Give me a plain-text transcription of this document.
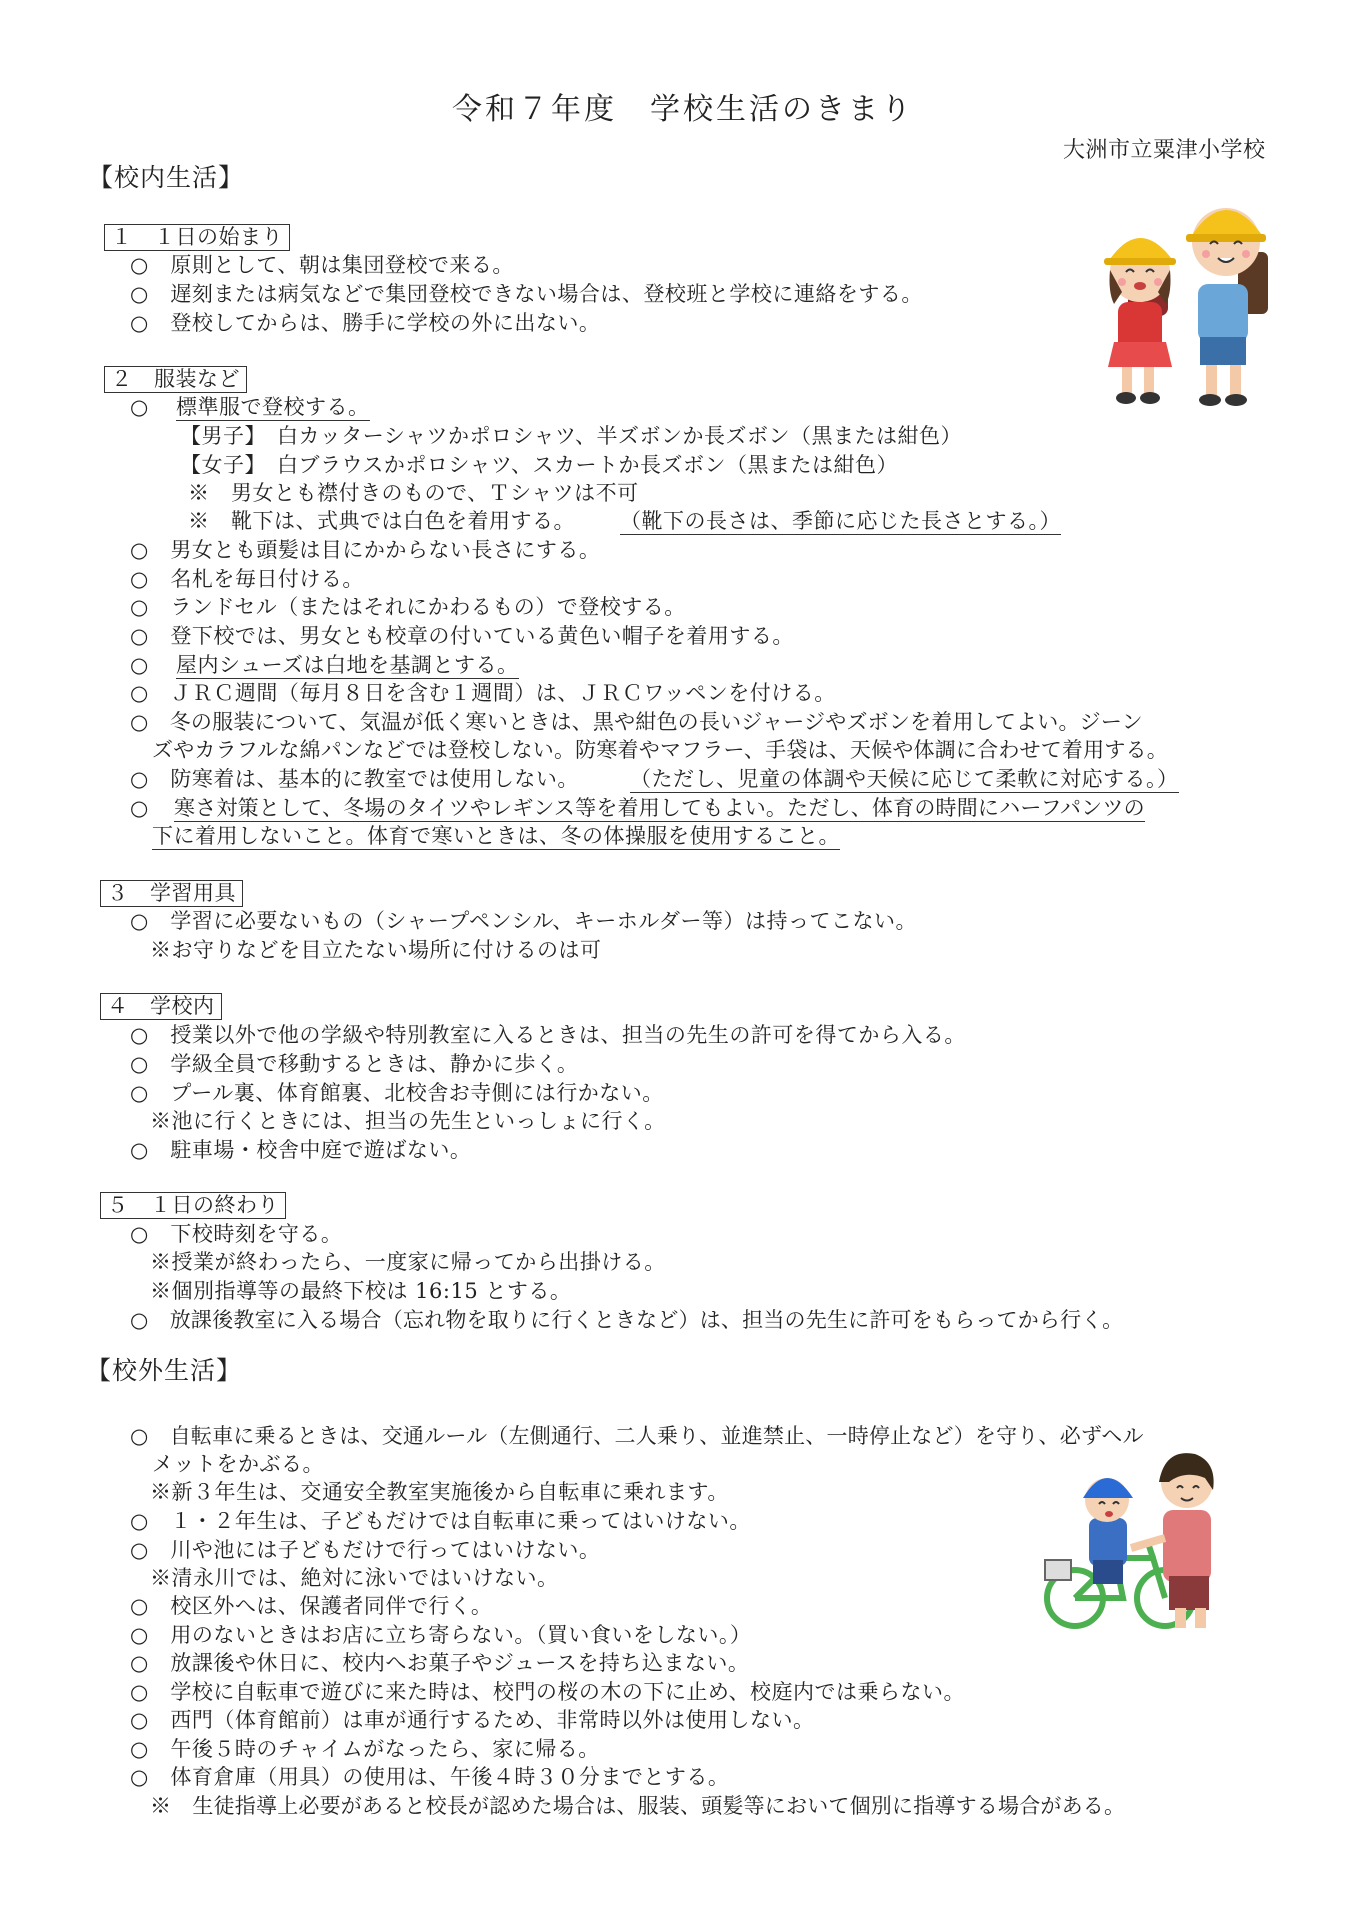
令和７年度　学校生活のきまり
大洲市立粟津小学校
【校内生活】
１　１日の始まり
○　原則として、朝は集団登校で来る。
○　遅刻または病気などで集団登校できない場合は、登校班と学校に連絡をする。
○　登校してからは、勝手に学校の外に出ない。
２　服装など
○ 標準服で登校する。
【男子】　白カッターシャツかポロシャツ、半ズボンか長ズボン（黒または紺色）
【女子】　白ブラウスかポロシャツ、スカートか長ズボン（黒または紺色）
※　男女とも襟付きのもので、Ｔシャツは不可
※　靴下は、式典では白色を着用する。 （靴下の長さは、季節に応じた長さとする。）
○　男女とも頭髪は目にかからない長さにする。
○　名札を毎日付ける。
○　ランドセル（またはそれにかわるもの）で登校する。
○　登下校では、男女とも校章の付いている黄色い帽子を着用する。
○ 屋内シューズは白地を基調とする。
○　ＪＲＣ週間（毎月８日を含む１週間）は、ＪＲＣワッペンを付ける。
○　冬の服装について、気温が低く寒いときは、黒や紺色の長いジャージやズボンを着用してよい。ジーン
ズやカラフルな綿パンなどでは登校しない。防寒着やマフラー、手袋は、天候や体調に合わせて着用する。
○　防寒着は、基本的に教室では使用しない。 （ただし、児童の体調や天候に応じて柔軟に対応する。）
○ 寒さ対策として、冬場のタイツやレギンス等を着用してもよい。ただし、体育の時間にハーフパンツの
下に着用しないこと。体育で寒いときは、冬の体操服を使用すること。
３　学習用具
○　学習に必要ないもの（シャープペンシル、キーホルダー等）は持ってこない。
※お守りなどを目立たない場所に付けるのは可
４　学校内
○　授業以外で他の学級や特別教室に入るときは、担当の先生の許可を得てから入る。
○　学級全員で移動するときは、静かに歩く。
○　プール裏、体育館裏、北校舎お寺側には行かない。
※池に行くときには、担当の先生といっしょに行く。
○　駐車場・校舎中庭で遊ばない。
５　１日の終わり
○　下校時刻を守る。
※授業が終わったら、一度家に帰ってから出掛ける。
※個別指導等の最終下校は 16:15 とする。
○　放課後教室に入る場合（忘れ物を取りに行くときなど）は、担当の先生に許可をもらってから行く。
【校外生活】
○　自転車に乗るときは、交通ルール（左側通行、二人乗り、並進禁止、一時停止など）を守り、必ずヘル
メットをかぶる。
※新３年生は、交通安全教室実施後から自転車に乗れます。
○　１・２年生は、子どもだけでは自転車に乗ってはいけない。
○　川や池には子どもだけで行ってはいけない。
※清永川では、絶対に泳いではいけない。
○　校区外へは、保護者同伴で行く。
○　用のないときはお店に立ち寄らない。（買い食いをしない。）
○　放課後や休日に、校内へお菓子やジュースを持ち込まない。
○　学校に自転車で遊びに来た時は、校門の桜の木の下に止め、校庭内では乗らない。
○　西門（体育館前）は車が通行するため、非常時以外は使用しない。
○　午後５時のチャイムがなったら、家に帰る。
○　体育倉庫（用具）の使用は、午後４時３０分までとする。
※　生徒指導上必要があると校長が認めた場合は、服装、頭髪等において個別に指導する場合がある。
